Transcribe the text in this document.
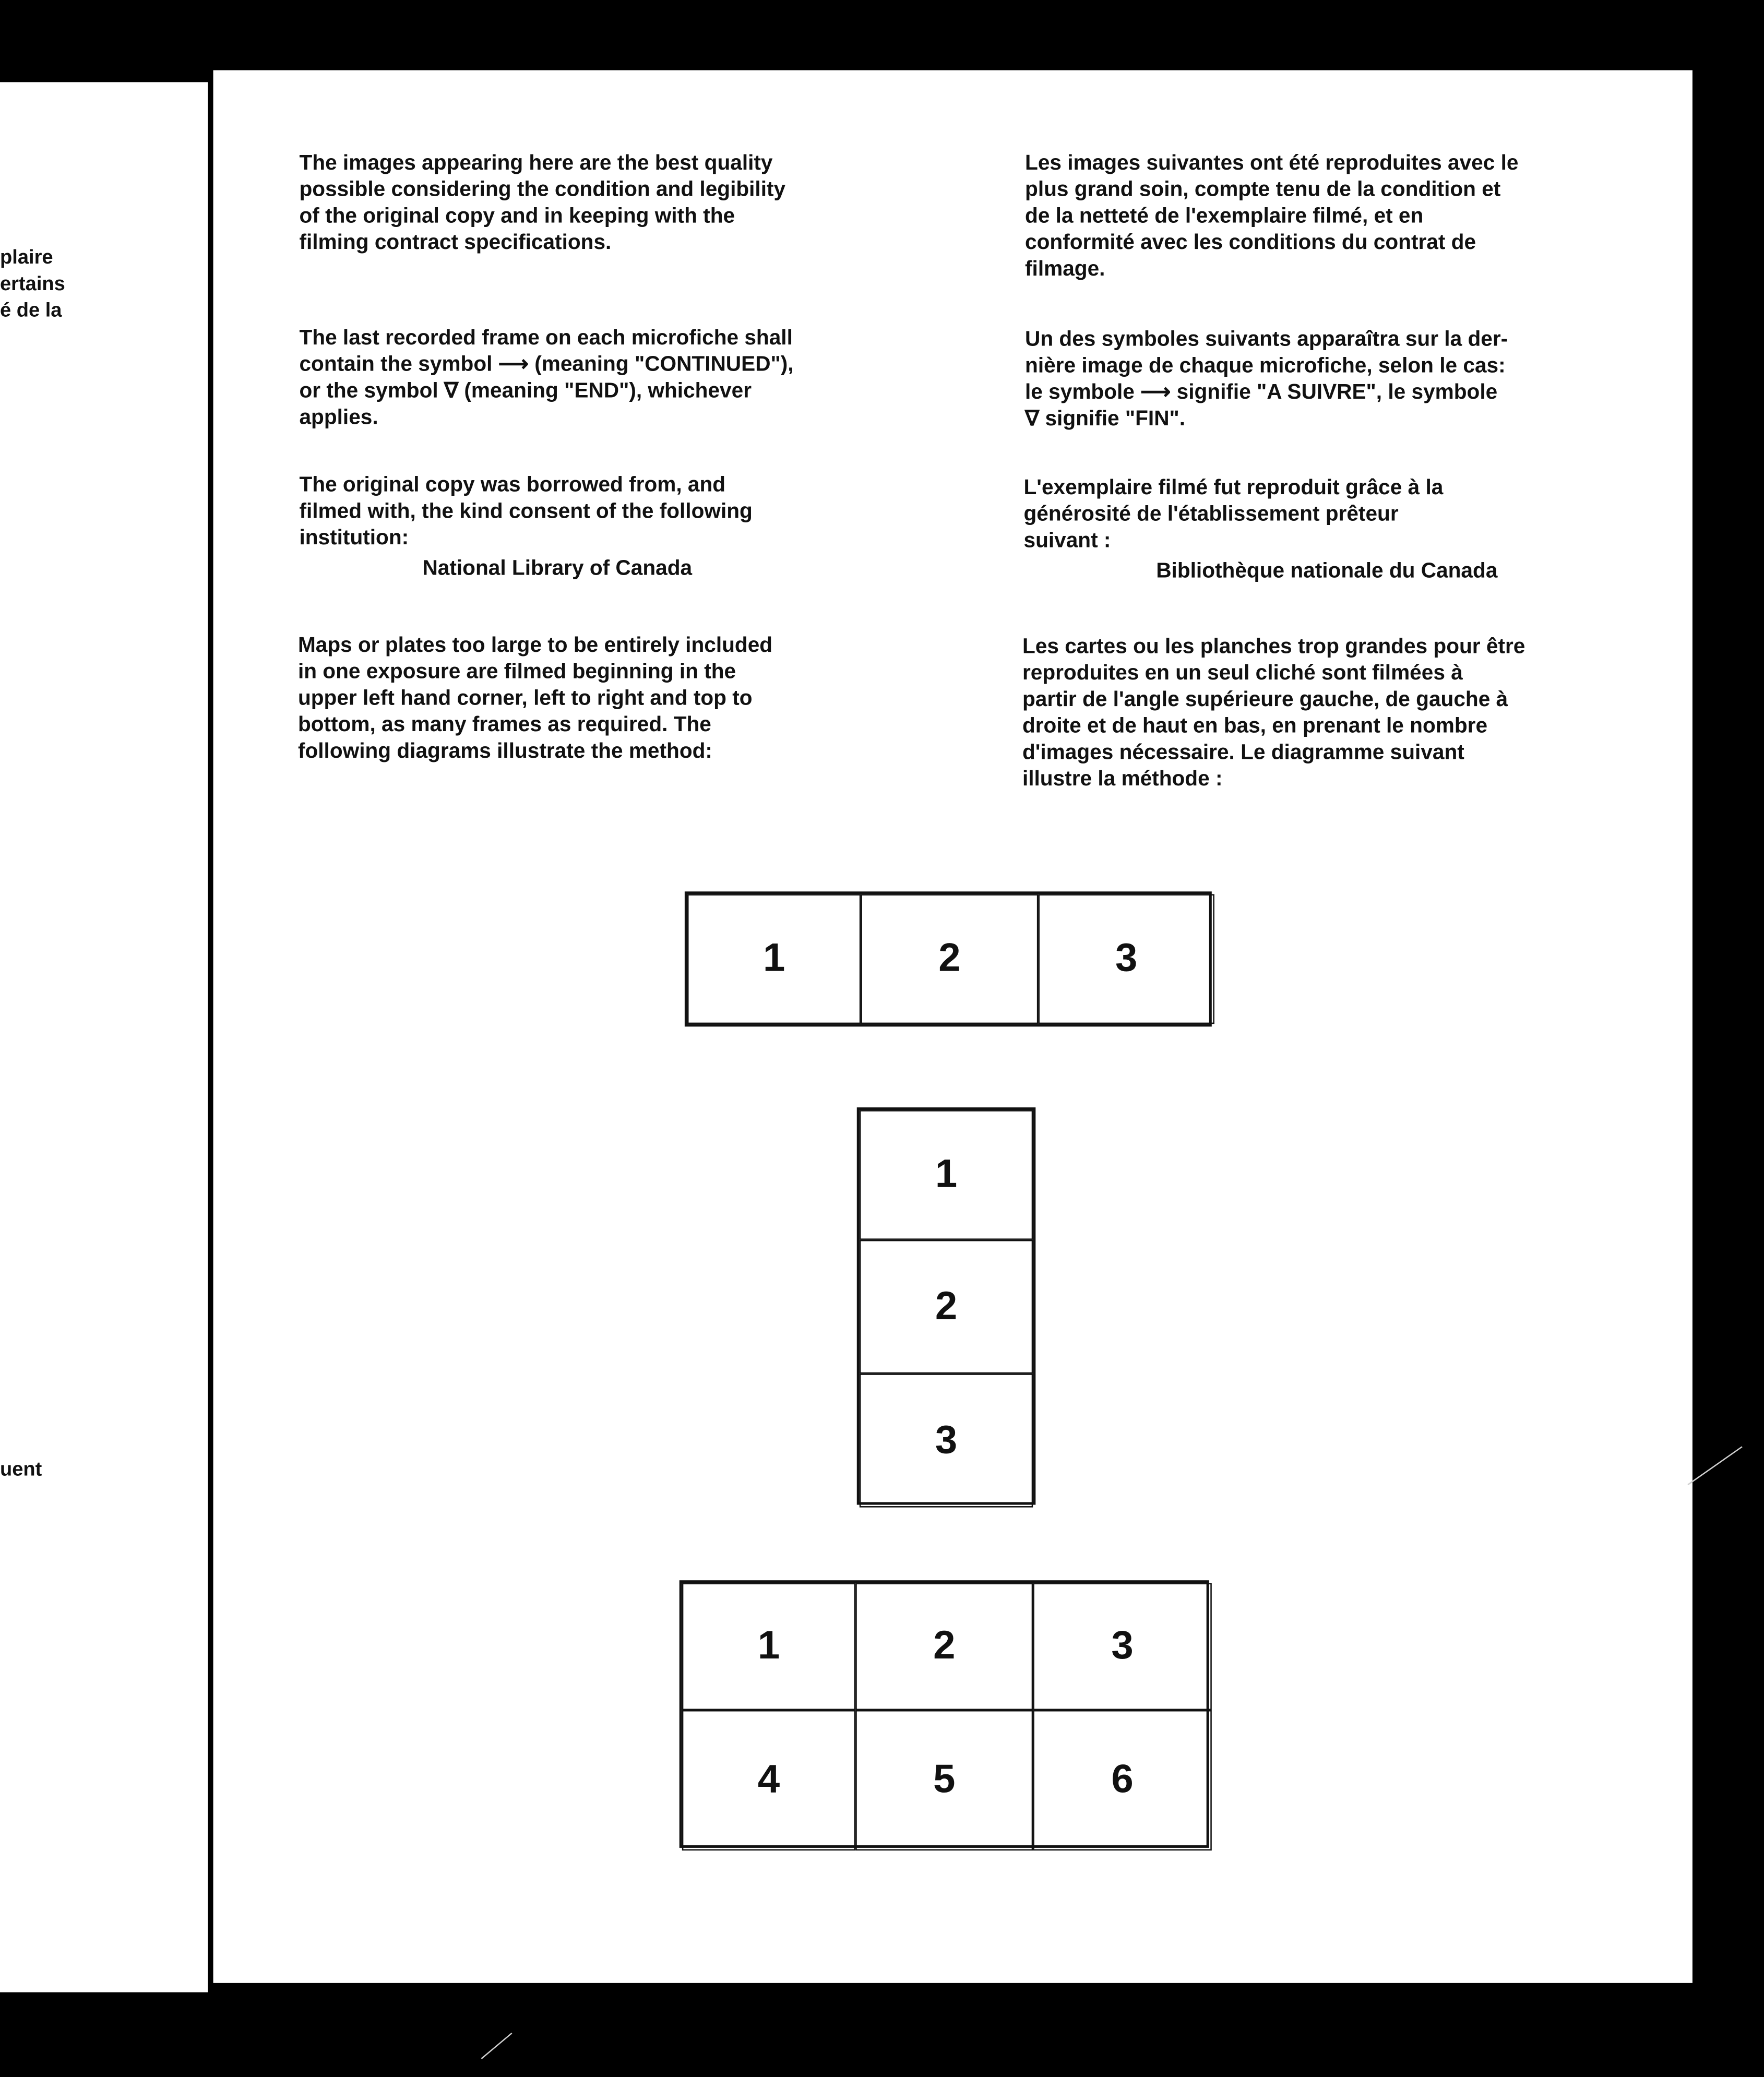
plaire
ertains
é de la
uent

The images appearing here are the best quality
possible considering the condition and legibility
of the original copy and in keeping with the
filming contract specifications.

The last recorded frame on each microfiche shall
contain the symbol ⟶ (meaning "CONTINUED"),
or the symbol ∇ (meaning "END"), whichever
applies.

The original copy was borrowed from, and
filmed with, the kind consent of the following
institution:

National Library of Canada

Maps or plates too large to be entirely included
in one exposure are filmed beginning in the
upper left hand corner, left to right and top to
bottom, as many frames as required. The
following diagrams illustrate the method:

Les images suivantes ont été reproduites avec le
plus grand soin, compte tenu de la condition et
de la netteté de l'exemplaire filmé, et en
conformité avec les conditions du contrat de
filmage.

Un des symboles suivants apparaîtra sur la der-
nière image de chaque microfiche, selon le cas:
le symbole ⟶ signifie "A SUIVRE", le symbole
∇ signifie "FIN".

L'exemplaire filmé fut reproduit grâce à la
générosité de l'établissement prêteur
suivant :

Bibliothèque nationale du Canada

Les cartes ou les planches trop grandes pour être
reproduites en un seul cliché sont filmées à
partir de l'angle supérieure gauche, de gauche à
droite et de haut en bas, en prenant le nombre
d'images nécessaire. Le diagramme suivant
illustre la méthode :

1	2	3
1
2
3
1	2	3
4	5	6
